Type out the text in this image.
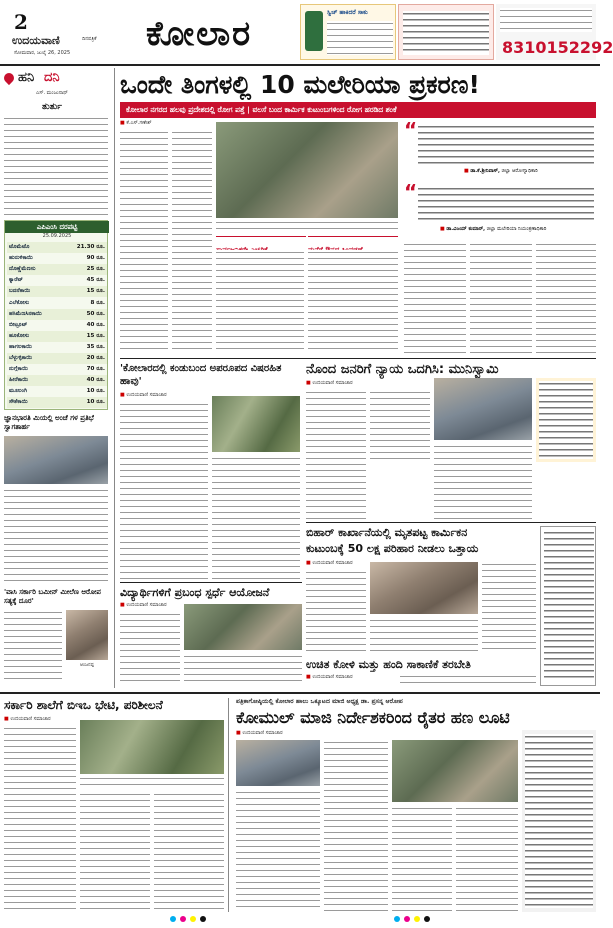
2
ಉದಯವಾಣಿ	ದಿನಪತ್ರಿಕೆ
ಸೋಮವಾರ, ಜುಲೈ 26, 2025 ಕೋಲಾರ
ಸ್ವಿಚ್ ಹಾಕಿದರೆ ಸಾಕು
8310152292
ಹನಿ ದನಿ
ಎಸ್. ಮಂಜುನಾಥ್
ತುರ್ತು
ಎಪಿಎಂಸಿ ದರಪಟ್ಟಿ
25.09.2025
ಟೊಮೆಟೊ	21.30 ರೂ.
ಹುರುಳಿಕಾಯಿ	90 ರೂ.
ದೊಣ್ಣೆಮೆಣಸು	25 ರೂ.
ಕ್ಯಾರೆಟ್	45 ರೂ.
ಬದನೆಕಾಯಿ	15 ರೂ.
ಎಲೆಕೋಸು	8 ರೂ.
ಹಸಿಮೆಣಸಿನಕಾಯಿ	50 ರೂ.
ಬೀಟ್ರೂಟ್	40 ರೂ.
ಹೂಕೋಸು	15 ರೂ.
ಹಾಗಲಕಾಯಿ	35 ರೂ.
ಬೆಳ್ಳುಳ್ಳಿಕಾಯಿ	20 ರೂ.
ನುಗ್ಗೆಕಾಯಿ	70 ರೂ.
ಹೀರೆಕಾಯಿ	40 ರೂ.
ಮೂಲಂಗಿ	10 ರೂ.
ಸೌತೆಕಾಯಿ	10 ರೂ.
ಜ್ಞಾನಭಾರತಿ ಮಿಯಲ್ಲಿ ಅಂಚೆ ಗಳ ಪ್ರತಿಭೆ ಸ್ವಾಗತಾರ್ಹ
'ವಾಸಿ ಸರ್ಕಾರಿ ಬಮೀನ್ ಮೀಲೆಣ ಆರೋಪ ಸತ್ಯಕ್ಕೆ ದೂರ'
ಆಂಜನಪ್ಪ
ಒಂದೇ ತಿಂಗಳಲ್ಲಿ 10 ಮಲೇರಿಯಾ ಪ್ರಕರಣ!
ಕೋಲಾರ ನಗರದ ಹಲವು ಪ್ರದೇಶದಲ್ಲಿ ರೋಗ ಪತ್ತೆ | ವಲಸೆ ಬಂದ ಕಾರ್ಮಿಕ ಕುಟುಂಬಗಳಿಂದ ರೋಗ ಹರಡಿದ ಶಂಕೆ
■ ಕೆ.ಎಸ್.ಗಣೇಶ್	“
■ ಡಾ.ಕೆ.ಶ್ರೀನಿವಾಸ್, ಜಿಲ್ಲಾ ಆರೋಗ್ಯಾಧಿಕಾರಿ
“
■ ಡಾ.ವಿಜಯ್ ಕುಮಾರ್, ಜಿಲ್ಲಾ ಮಲೇರಿಯಾ ನಿಯಂತ್ರಣಾಧಿಕಾರಿ
'ಕೋಲಾರದಲ್ಲಿ ಕಂಡುಬಂದ ಅಪರೂಪದ ವಿಷರಹಿತ ಹಾವು'
■ ಉದಯವಾಣಿ ಸಮಾಚಾರ
ನೊಂದ ಜನರಿಗೆ ನ್ಯಾಯ ಒದಗಿಸಿ: ಮುನಿಸ್ವಾಮಿ
■ ಉದಯವಾಣಿ ಸಮಾಚಾರ
ವಿದ್ಯಾರ್ಥಿಗಳಿಗೆ ಪ್ರಬಂಧ ಸ್ಪರ್ಧೆ ಆಯೋಜನೆ
■ ಉದಯವಾಣಿ ಸಮಾಚಾರ
ಬಿಹಾರ್ ಕಾರ್ಖಾನೆಯಲ್ಲಿ ಮೃತಪಟ್ಟ ಕಾರ್ಮಿಕನ
ಕುಟುಂಬಕ್ಕೆ 50 ಲಕ್ಷ ಪರಿಹಾರ ನೀಡಲು ಒತ್ತಾಯ
■ ಉದಯವಾಣಿ ಸಮಾಚಾರ
ಉಚಿತ ಕೋಳಿ ಮತ್ತು ಹಂದಿ ಸಾಕಾಣಿಕೆ ತರಬೇತಿ
■ ಉದಯವಾಣಿ ಸಮಾಚಾರ
ಸರ್ಕಾರಿ ಶಾಲೆಗೆ ಬಿಇಒ ಭೇಟಿ, ಪರಿಶೀಲನೆ
■ ಉದಯವಾಣಿ ಸಮಾಚಾರ
ಪತ್ರಿಕಾಗೋಷ್ಠಿಯಲ್ಲಿ ಕೋಲಾರ ಹಾಲು ಒಕ್ಕೂಟದ ಮಾಜಿ ಅಧ್ಯಕ್ಷ ಡಾ. ಪ್ರಸನ್ನ ಆರೋಪ
ಕೋಮುಲ್ ಮಾಜಿ ನಿರ್ದೇಶಕರಿಂದ ರೈತರ ಹಣ ಲೂಟಿ
■ ಉದಯವಾಣಿ ಸಮಾಚಾರ
